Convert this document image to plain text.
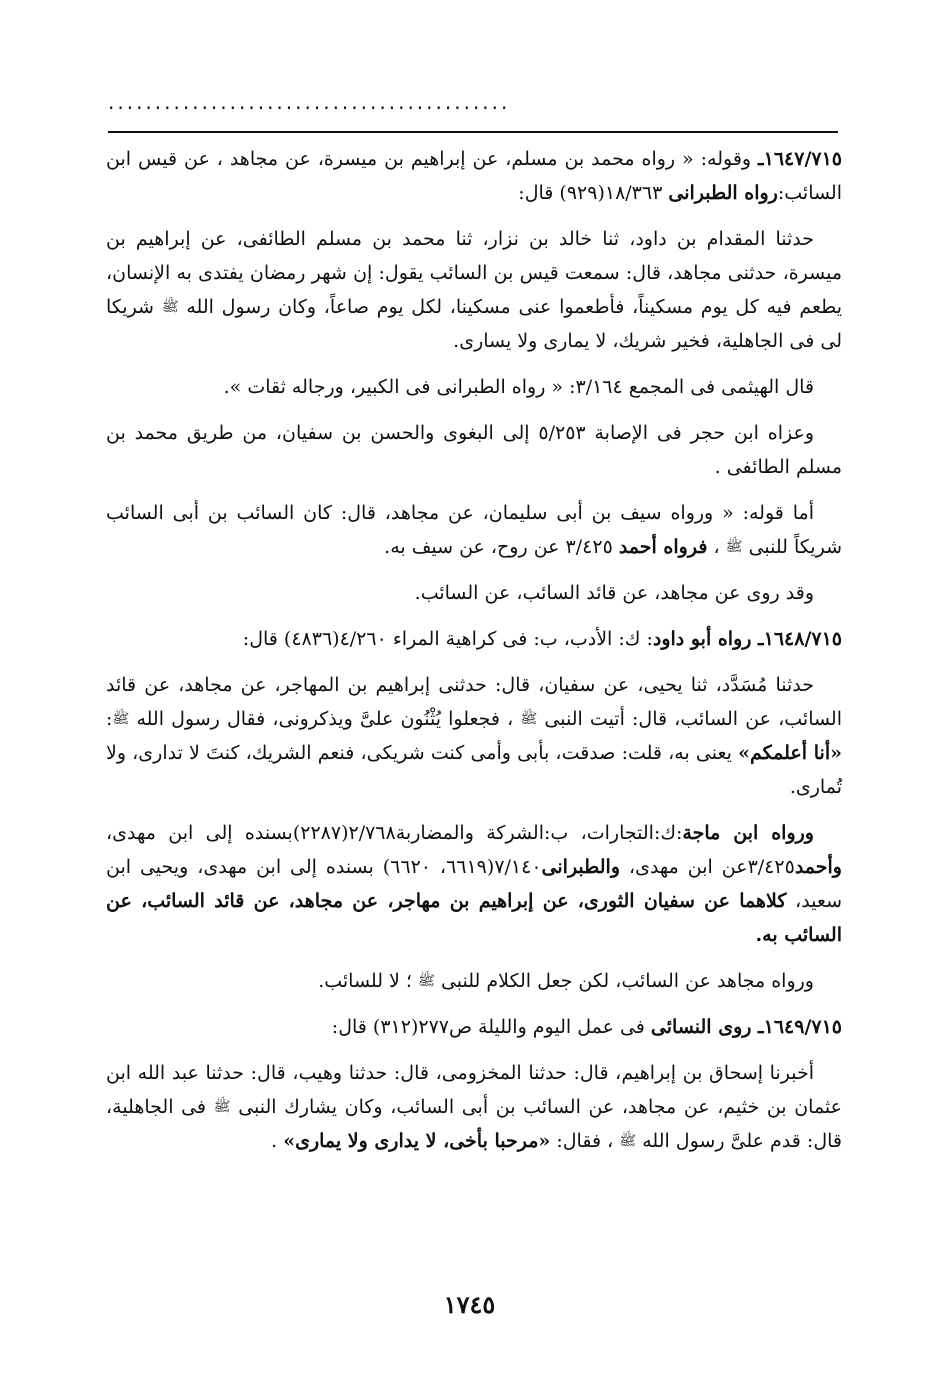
...........................................

١٦٤٧/٧١٥ـ وقوله: « رواه محمد بن مسلم، عن إبراهيم بن ميسرة، عن مجاهد ، عن قيس ابن السائب:رواه الطبرانى ١٨/٣٦٣(٩٢٩) قال:

حدثنا المقدام بن داود، ثنا خالد بن نزار، ثنا محمد بن مسلم الطائفى، عن إبراهيم بن ميسرة، حدثنى مجاهد، قال: سمعت قيس بن السائب يقول: إن شهر رمضان يفتدى به الإنسان، يطعم فيه كل يوم مسكيناً، فأطعموا عنى مسكينا، لكل يوم صاعاً، وكان رسول الله ﷺ شريكا لى فى الجاهلية، فخير شريك، لا يمارى ولا يسارى.

قال الهيثمى فى المجمع ٣/١٦٤: « رواه الطبرانى فى الكبير، ورجاله ثقات ».

وعزاه ابن حجر فى الإصابة ٥/٢٥٣ إلى البغوى والحسن بن سفيان، من طريق محمد بن مسلم الطائفى .

أما قوله: « ورواه سيف بن أبى سليمان، عن مجاهد، قال: كان السائب بن أبى السائب شريكاً للنبى ﷺ ، فرواه أحمد ٣/٤٢٥ عن روح، عن سيف به.

وقد روى عن مجاهد، عن قائد السائب، عن السائب.

١٦٤٨/٧١٥ـ رواه أبو داود: ك: الأدب، ب: فى كراهية المراء ٤/٢٦٠(٤٨٣٦) قال:

حدثنا مُسَدَّد، ثنا يحيى، عن سفيان، قال: حدثنى إبراهيم بن المهاجر، عن مجاهد، عن قائد السائب، عن السائب، قال: أتيت النبى ﷺ ، فجعلوا يُثْنُون علىَّ ويذكرونى، فقال رسول الله ﷺ: «أنا أعلمكم» يعنى به، قلت: صدقت، بأبى وأمى كنت شريكى، فنعم الشريك، كنتَ لا تدارى، ولا تُمارى.

ورواه ابن ماجة:ك:التجارات، ب:الشركة والمضاربة٢/٧٦٨(٢٢٨٧)بسنده إلى ابن مهدى، وأحمد٣/٤٢٥عن ابن مهدى، والطبرانى٧/١٤٠(٦٦١٩، ٦٦٢٠) بسنده إلى ابن مهدى، ويحيى ابن سعيد، كلاهما عن سفيان الثورى، عن إبراهيم بن مهاجر، عن مجاهد، عن قائد السائب، عن السائب به.

ورواه مجاهد عن السائب، لكن جعل الكلام للنبى ﷺ ؛ لا للسائب.

١٦٤٩/٧١٥ـ روى النسائى فى عمل اليوم والليلة ص٢٧٧(٣١٢) قال:

أخبرنا إسحاق بن إبراهيم، قال: حدثنا المخزومى، قال: حدثنا وهيب، قال: حدثنا عبد الله ابن عثمان بن خثيم، عن مجاهد، عن السائب بن أبى السائب، وكان يشارك النبى ﷺ فى الجاهلية، قال: قدم علىَّ رسول الله ﷺ ، فقال: «مرحبا بأخى، لا يدارى ولا يمارى» .

١٧٤٥
